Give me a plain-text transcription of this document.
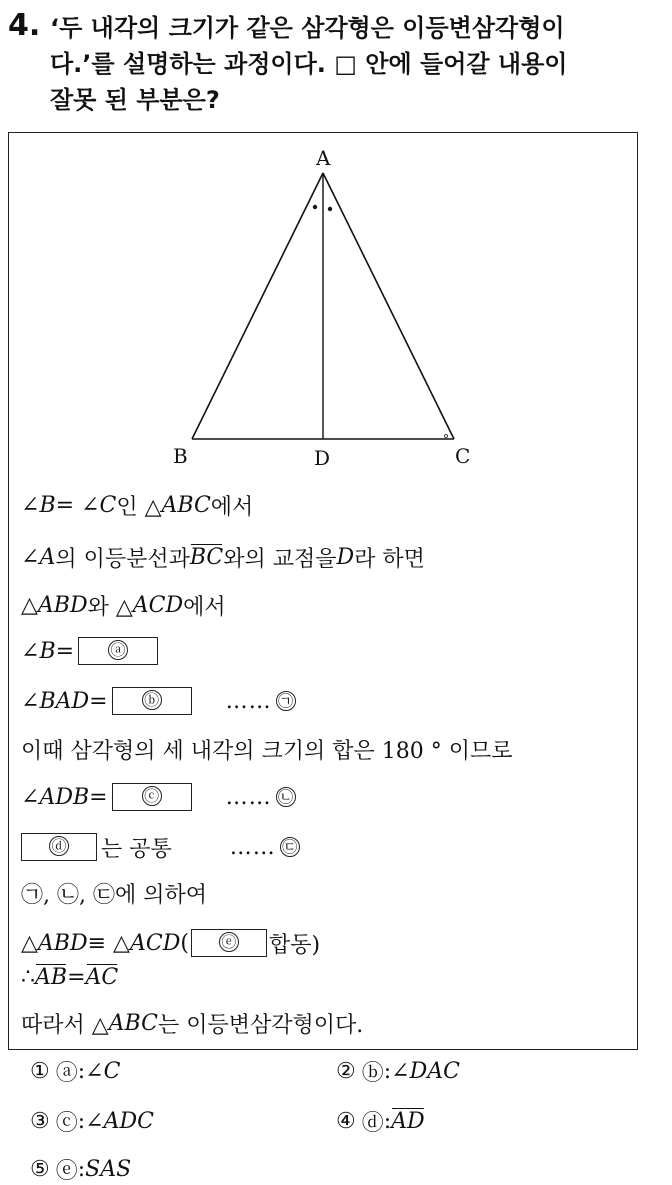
4. ‘두 내각의 크기가 같은 삼각형은 이등변삼각형이
다.’를 설명하는 과정이다. □ 안에 들어갈 내용이
잘못 된 부분은?
A
B	D	C
∠ B = ∠ C 인 △ ABC 에서
∠ A 의 이등분선과 BC 와의 교점을 D 라 하면
△ ABD 와 △ ACD 에서
∠ B =	ⓐ
∠ BAD =	ⓑ	…… ㉠
이때 삼각형의 세 내각의 크기의 합은 180 ° 이므로
∠ ADB =	ⓒ	…… ㉡
ⓓ	는 공통	…… ㉢
㉠, ㉡, ㉢에 의하여
△ ABD ≡ △ ACD (	ⓔ	합동)
∴ AB = AC
따라서 △ ABC 는 이등변삼각형이다.
① ⓐ : ∠ C	② ⓑ : ∠ DAC
③ ⓒ : ∠ ADC	④ ⓓ : AD
⑤ ⓔ : SAS
